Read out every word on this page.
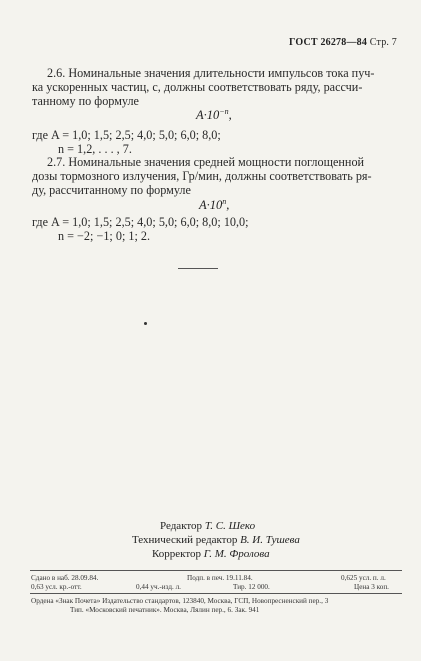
ГОСТ 26278—84 Стр. 7
2.6. Номинальные значения длительности импульсов тока пуч-
ка ускоренных частиц, с, должны соответствовать ряду, рассчи-
танному по формуле
$A\cdot 10^{-n}$,
где A = 1,0; 1,5; 2,5; 4,0; 5,0; 6,0; 8,0;
n = 1,2, . . . , 7.
2.7. Номинальные значения средней мощности поглощенной
дозы тормозного излучения, Гр/мин, должны соответствовать ря-
ду, рассчитанному по формуле
$A\cdot 10^n$,
где A = 1,0; 1,5; 2,5; 4,0; 5,0; 6,0; 8,0; 10,0;
n = −2; −1; 0; 1; 2.
Редактор Т. С. Шеко
Технический редактор В. И. Тушева
Корректор Г. М. Фролова
Сдано в наб. 28.09.84.	Подп. в печ. 19.11.84.	0,625 усл. п. л.
0,63 усл. кр.-отт.	0,44 уч.-изд. л.	Тир. 12 000.	Цена 3 коп.
Ордена «Знак Почета» Издательство стандартов, 123840, Москва, ГСП, Новопресненский пер., 3
Тип. «Московский печатник». Москва, Лялин пер., 6. Зак. 941
